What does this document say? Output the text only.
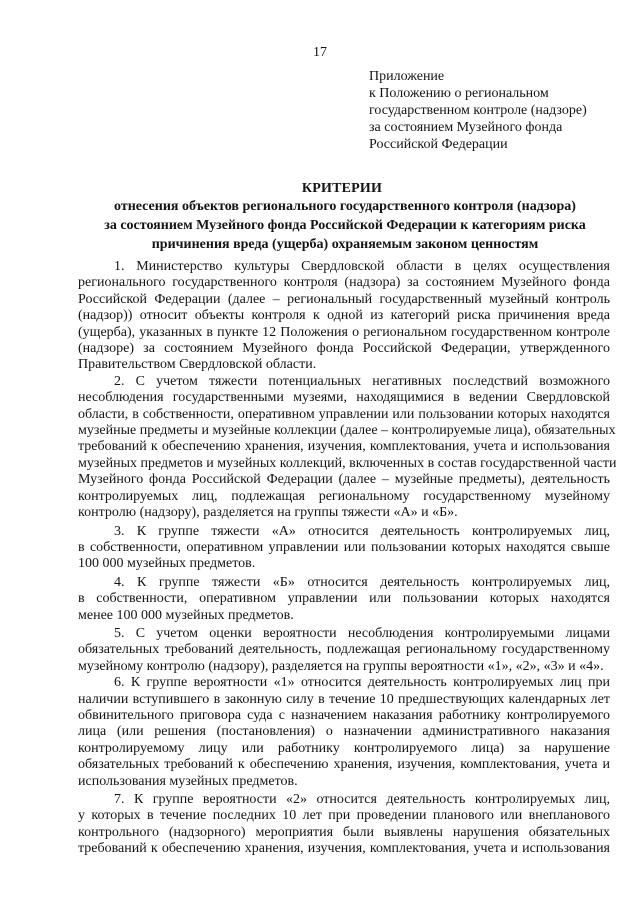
17
Приложение
к Положению о региональном
государственном контроле (надзоре)
за состоянием Музейного фонда
Российской Федерации
КРИТЕРИИ
отнесения объектов регионального государственного контроля (надзора)
за состоянием Музейного фонда Российской Федерации к категориям риска
причинения вреда (ущерба) охраняемым законом ценностям

1. Министерство культуры Свердловской области в целях осуществления
регионального государственного контроля (надзора) за состоянием Музейного фонда
Российской Федерации (далее – региональный государственный музейный контроль
(надзор)) относит объекты контроля к одной из категорий риска причинения вреда
(ущерба), указанных в пункте 12 Положения о региональном государственном контроле
(надзоре) за состоянием Музейного фонда Российской Федерации, утвержденного
Правительством Свердловской области.

2. С учетом тяжести потенциальных негативных последствий возможного
несоблюдения государственными музеями, находящимися в ведении Свердловской
области, в собственности, оперативном управлении или пользовании которых находятся
музейные предметы и музейные коллекции (далее – контролируемые лица), обязательных
требований к обеспечению хранения, изучения, комплектования, учета и использования
музейных предметов и музейных коллекций, включенных в состав государственной части
Музейного фонда Российской Федерации (далее – музейные предметы), деятельность
контролируемых лиц, подлежащая региональному государственному музейному
контролю (надзору), разделяется на группы тяжести «А» и «Б».

3. К группе тяжести «А» относится деятельность контролируемых лиц,
в собственности, оперативном управлении или пользовании которых находятся свыше
100 000 музейных предметов.

4. К группе тяжести «Б» относится деятельность контролируемых лиц,
в собственности, оперативном управлении или пользовании которых находятся
менее 100 000 музейных предметов.

5. С учетом оценки вероятности несоблюдения контролируемыми лицами
обязательных требований деятельность, подлежащая региональному государственному
музейному контролю (надзору), разделяется на группы вероятности «1», «2», «3» и «4».

6. К группе вероятности «1» относится деятельность контролируемых лиц при
наличии вступившего в законную силу в течение 10 предшествующих календарных лет
обвинительного приговора суда с назначением наказания работнику контролируемого
лица (или решения (постановления) о назначении административного наказания
контролируемому лицу или работнику контролируемого лица) за нарушение
обязательных требований к обеспечению хранения, изучения, комплектования, учета и
использования музейных предметов.

7. К группе вероятности «2» относится деятельность контролируемых лиц,
у которых в течение последних 10 лет при проведении планового или внепланового
контрольного (надзорного) мероприятия были выявлены нарушения обязательных
требований к обеспечению хранения, изучения, комплектования, учета и использования
